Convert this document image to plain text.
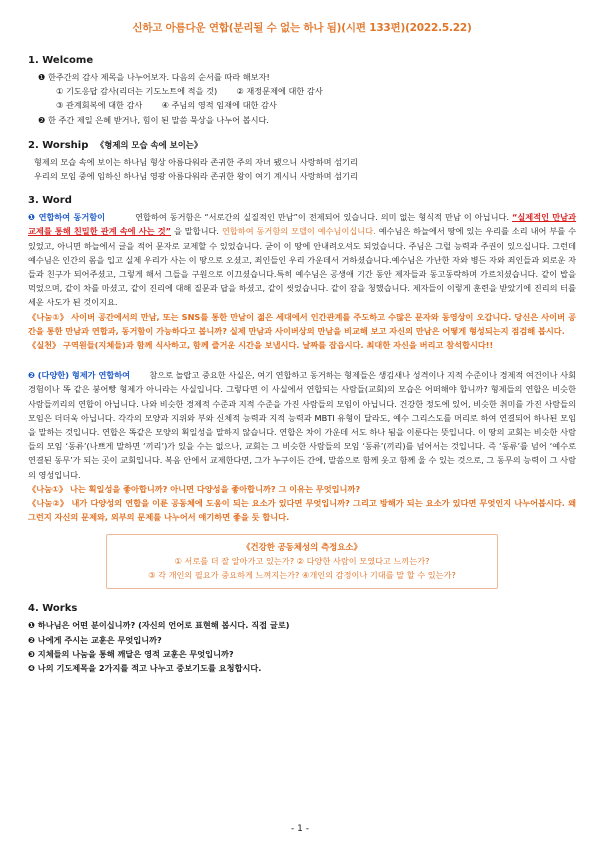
신하고 아름다운 연합(분리될 수 없는 하나 됨)(시편 133편)(2022.5.22)
1. Welcome
❶ 한주간의 감사 제목을 나누어보자. 다음의 순서를 따라 해보자!
① 기도응답 감사(리더는 기도노트에 적을 것) ② 재정문제에 대한 감사
③ 관계회복에 대한 감사 ④ 주님의 영적 임재에 대한 감사
❷ 한 주간 제일 은혜 받거나, 힘이 된 말씀 묵상을 나누어 봅시다.
2. Worship 《형제의 모습 속에 보이는》
형제의 모습 속에 보이는 하나님 형상 아름다워라 존귀한 주의 자녀 됐으니 사랑하며 섬기리
우리의 모임 중에 임하신 하나님 영광 아름다워라 존귀한 왕이 여기 계시니 사랑하며 섬기리
3. Word
❶ 연합하여 동거함이	연합하여 동거함은 “서로간의 실질적인 만남”이 전제되어 있습니다. 의미 없는 형식적 만남 이 아닙니다. “실제적인 만남과 교제를 통해 친밀한 관계 속에 사는 것” 을 말합니다. 연합하여 동거함의 모델이 예수님이십니다. 예수님은 하늘에서 땅에 있는 우리를 소리 내어 부를 수 있었고, 아니면 하늘에서 글을 적어 문자로 교제할 수 있었습니다. 굳이 이 땅에 안내려오셔도 되었습니다. 주님은 그럴 능력과 주권이 있으십니다. 그런데 예수님은 인간의 몸을 입고 실제 우리가 사는 이 땅으로 오셨고, 죄인들인 우리 가운데서 거하셨습니다.예수님은 가난한 자와 병든 자와 죄인들과 외로운 자들과 친구가 되어주셨고, 그렇게 해서 그들을 구원으로 이끄셨습니다.특히 예수님은 공생애 기간 동안 제자들과 동고동락하며 가르치셨습니다. 같이 밥을 먹었으며, 같이 차를 마셨고, 같이 진리에 대해 질문과 답을 하셨고, 같이 씻었습니다. 같이 잠을 청했습니다. 제자들이 이렇게 훈련을 받았기에 진리의 터를 세운 사도가 된 것이지요.
《나눔①》 사이버 공간에서의 만남, 또는 SNS를 통한 만남이 젊은 세대에서 인간관계를 주도하고 수많은 문자와 동영상이 오갑니다. 당신은 사이버 공간을 통한 만남과 연합과, 동거함이 가능하다고 봅니까? 실제 만남과 사이버상의 만남을 비교해 보고 자신의 만남은 어떻게 형성되는지 점검해 봅시다.
《실천》 구역원들(지체들)과 함께 식사하고, 함께 즐거운 시간을 보냅시다. 날짜를 잡읍시다. 최대한 자신을 버리고 참석합시다!!
❷ (다양한) 형제가 연합하여 참으로 놀랍고 중요한 사실은, 여기 연합하고 동거하는 형제들은 생김새나 성격이나 지적 수준이나 경제적 여건이나 사회 경험이나 똑 같은 붕어빵 형제가 아니라는 사실입니다. 그렇다면 이 사실에서 연합되는 사람들(교회)의 모습은 어떠해야 합니까? 형제들의 연합은 비슷한 사람들끼리의 연합이 아닙니다. 나와 비슷한 경제적 수준과 지적 수준을 가진 사람들의 모임이 아닙니다. 건강한 정도에 있어, 비슷한 취미를 가진 사람들의 모임은 더더욱 아닙니다. 각각의 모양과 지위와 부와 신체적 능력과 지적 능력과 MBTI 유형이 달라도, 예수 그리스도를 머리로 하여 연결되어 하나된 모임을 말하는 것입니다. 연합은 똑같은 모양의 획일성을 말하지 않습니다. 연합은 차이 가운데 서도 하나 됨을 이룬다는 뜻입니다. 이 땅의 교회는 비슷한 사람들의 모임 ‘동류’(나쁘게 말하면 ‘끼리’)가 있을 수는 없으나, 교회는 그 비슷한 사람들의 모임 ‘동류’(끼리)를 넘어서는 것입니다. 즉 ‘동류’를 넘어 ‘예수로 연결된 동무’가 되는 곳이 교회입니다. 복음 안에서 교제한다면, 그가 누구이든 간에, 말씀으로 함께 웃고 함께 울 수 있는 것으로, 그 동무의 능력이 그 사람의 영성입니다.
《나눔①》 나는 획일성을 좋아합니까? 아니면 다양성을 좋아합니까? 그 이유는 무엇입니까?
《나눔②》 내가 다양성의 연합을 이룬 공동체에 도움이 되는 요소가 있다면 무엇입니까? 그리고 방해가 되는 요소가 있다면 무엇인지 나누어봅시다. 왜 그런지 자신의 문제와, 외부의 문제를 나누어서 얘기하면 좋을 듯 합니다.
《건강한 공동체성의 측정요소》
① 서로를 더 잘 알아가고 있는가? ② 다양한 사람이 모였다고 느끼는가?
③ 각 개인의 필요가 중요하게 느껴지는가? ④개인의 감정이나 기대를 말 할 수 있는가?
4. Works
❶ 하나님은 어떤 분이십니까? (자신의 언어로 표현해 봅시다. 직접 글로)
❷ 나에게 주시는 교훈은 무엇입니까?
❸ 지체들의 나눔을 통해 깨달은 영적 교훈은 무엇입니까?
❹ 나의 기도제목을 2가지를 적고 나누고 중보기도를 요청합시다.
- 1 -
